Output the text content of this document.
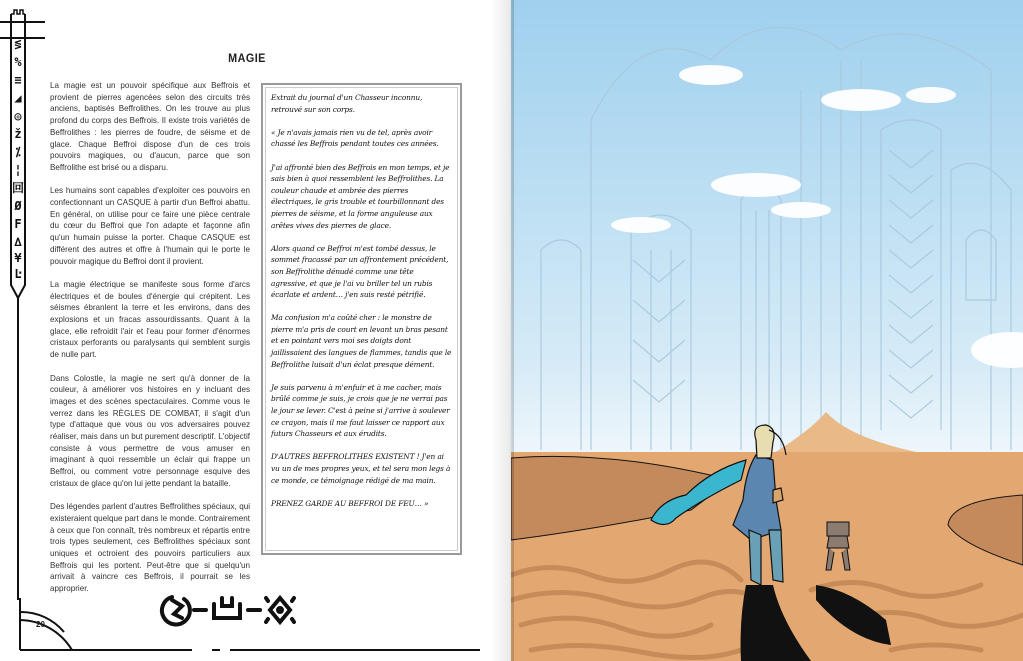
≶
%
≡
◢
◎
ž
⁒
¦
回
Ø
F
∆
¥
Ŀ
MAGIE

La magie est un pouvoir spécifique aux Beffrois et provient de pierres agencées selon des circuits très anciens, baptisés Beffrolithes. On les trouve au plus profond du corps des Beffrois. Il existe trois variétés de Beffrolithes : les pierres de foudre, de séisme et de glace. Chaque Beffroi dispose d'un de ces trois pouvoirs magiques, ou d'aucun, parce que son Beffrolithe est brisé ou a disparu.

Les humains sont capables d'exploiter ces pouvoirs en confectionnant un CASQUE à partir d'un Beffroi abattu. En général, on utilise pour ce faire une pièce centrale du cœur du Beffroi que l'on adapte et façonne afin qu'un humain puisse la porter. Chaque CASQUE est différent des autres et offre à l'humain qui le porte le pouvoir magique du Beffroi dont il provient.

La magie électrique se manifeste sous forme d'arcs électriques et de boules d'énergie qui crépitent. Les séismes ébranlent la terre et les environs, dans des explosions et un fracas assourdissants. Quant à la glace, elle refroidit l'air et l'eau pour former d'énormes cristaux perforants ou paralysants qui semblent surgis de nulle part.

Dans Colostle, la magie ne sert qu'à donner de la couleur, à améliorer vos histoires en y incluant des images et des scènes spectaculaires. Comme vous le verrez dans les RÈGLES DE COMBAT, il s'agit d'un type d'attaque que vous ou vos adversaires pouvez réaliser, mais dans un but purement descriptif. L'objectif consiste à vous permettre de vous amuser en imaginant à quoi ressemble un éclair qui frappe un Beffroi, ou comment votre personnage esquive des cristaux de glace qu'on lui jette pendant la bataille.

Des légendes parlent d'autres Beffrolithes spéciaux, qui existeraient quelque part dans le monde. Contrairement à ceux que l'on connaît, très nombreux et répartis entre trois types seulement, ces Beffrolithes spéciaux sont uniques et octroient des pouvoirs particuliers aux Beffrois qui les portent. Peut-être que si quelqu'un arrivait à vaincre ces Beffrois, il pourrait se les approprier.

Extrait du journal d'un Chasseur inconnu, retrouvé sur son corps.

« Je n'avais jamais rien vu de tel, après avoir chassé les Beffrois pendant toutes ces années.

J'ai affronté bien des Beffrois en mon temps, et je sais bien à quoi ressemblent les Beffrolithes. La couleur chaude et ambrée des pierres électriques, le gris trouble et tourbillonnant des pierres de séisme, et la forme anguleuse aux arêtes vives des pierres de glace.

Alors quand ce Beffroi m'est tombé dessus, le sommet fracassé par un affrontement précédent, son Beffrolithe dénudé comme une tête agressive, et que je l'ai vu briller tel un rubis écarlate et ardent… j'en suis resté pétrifié.

Ma confusion m'a coûté cher : le monstre de pierre m'a pris de court en levant un bras pesant et en pointant vers moi ses doigts dont jaillissaient des langues de flammes, tandis que le Beffrolithe luisait d'un éclat presque dément.

Je suis parvenu à m'enfuir et à me cacher, mais brûlé comme je suis, je crois que je ne verrai pas le jour se lever. C'est à peine si j'arrive à soulever ce crayon, mais il me faut laisser ce rapport aux futurs Chasseurs et aux érudits.

D'AUTRES BEFFROLITHES EXISTENT ! J'en ai vu un de mes propres yeux, et tel sera mon legs à ce monde, ce témoignage rédigé de ma main.

PRENEZ GARDE AU BEFFROI DE FEU… »

20
